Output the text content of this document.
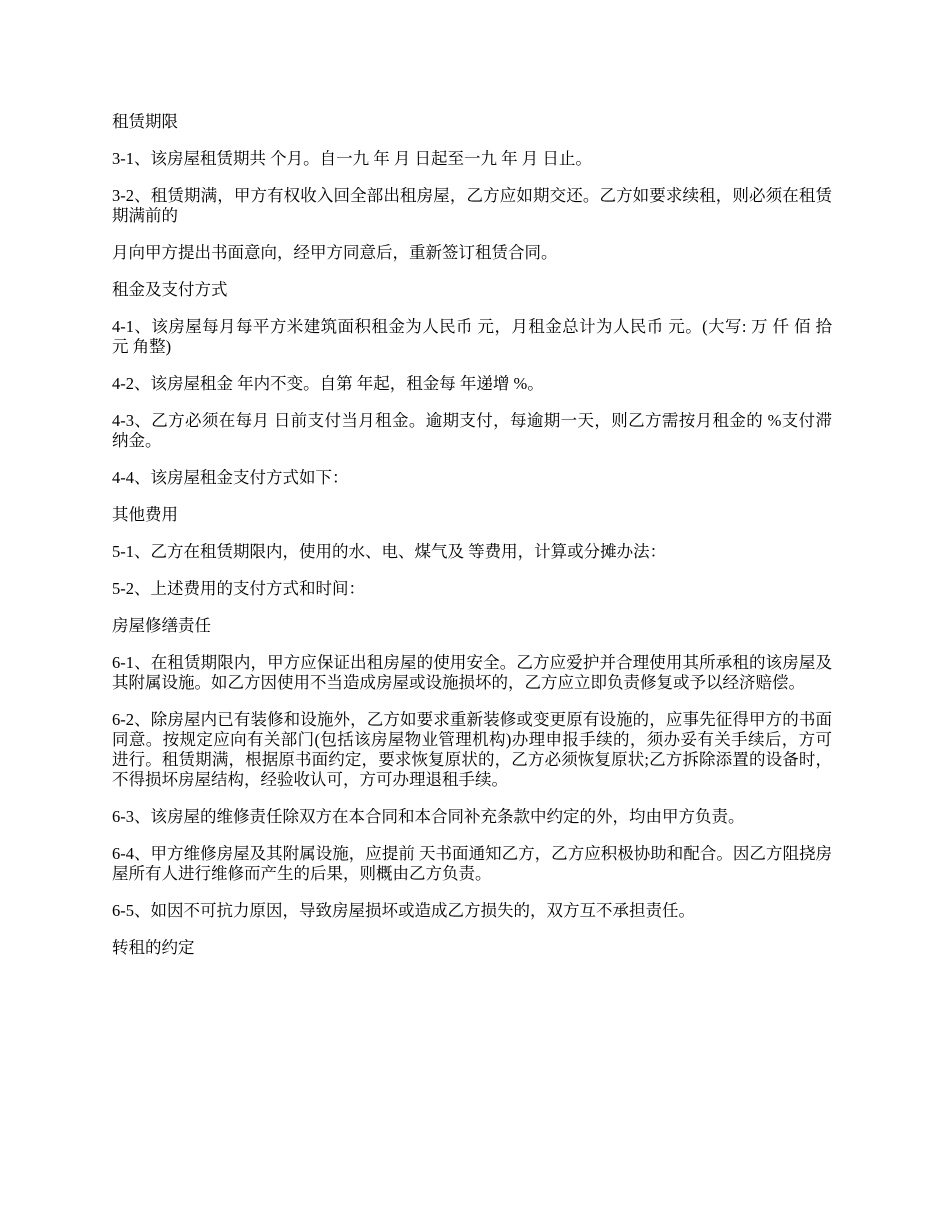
租赁期限

3-1、该房屋租赁期共 个月。自一九 年 月 日起至一九 年 月 日止。

3-2、租赁期满，甲方有权收入回全部出租房屋，乙方应如期交还。乙方如要求续租，则必须在租赁期满前的

月向甲方提出书面意向，经甲方同意后，重新签订租赁合同。

租金及支付方式

4-1、该房屋每月每平方米建筑面积租金为人民币 元，月租金总计为人民币 元。(大写: 万 仟 佰 拾 元 角整)

4-2、该房屋租金 年内不变。自第 年起，租金每 年递增 %。

4-3、乙方必须在每月 日前支付当月租金。逾期支付，每逾期一天，则乙方需按月租金的 %支付滞纳金。

4-4、该房屋租金支付方式如下：

其他费用

5-1、乙方在租赁期限内，使用的水、电、煤气及 等费用，计算或分摊办法：

5-2、上述费用的支付方式和时间：

房屋修缮责任

6-1、在租赁期限内，甲方应保证出租房屋的使用安全。乙方应爱护并合理使用其所承租的该房屋及其附属设施。如乙方因使用不当造成房屋或设施损坏的，乙方应立即负责修复或予以经济赔偿。

6-2、除房屋内已有装修和设施外，乙方如要求重新装修或变更原有设施的，应事先征得甲方的书面同意。按规定应向有关部门(包括该房屋物业管理机构)办理申报手续的，须办妥有关手续后，方可进行。租赁期满，根据原书面约定，要求恢复原状的，乙方必须恢复原状;乙方拆除添置的设备时，不得损坏房屋结构，经验收认可，方可办理退租手续。

6-3、该房屋的维修责任除双方在本合同和本合同补充条款中约定的外，均由甲方负责。

6-4、甲方维修房屋及其附属设施，应提前 天书面通知乙方，乙方应积极协助和配合。因乙方阻挠房屋所有人进行维修而产生的后果，则概由乙方负责。

6-5、如因不可抗力原因，导致房屋损坏或造成乙方损失的，双方互不承担责任。

转租的约定
